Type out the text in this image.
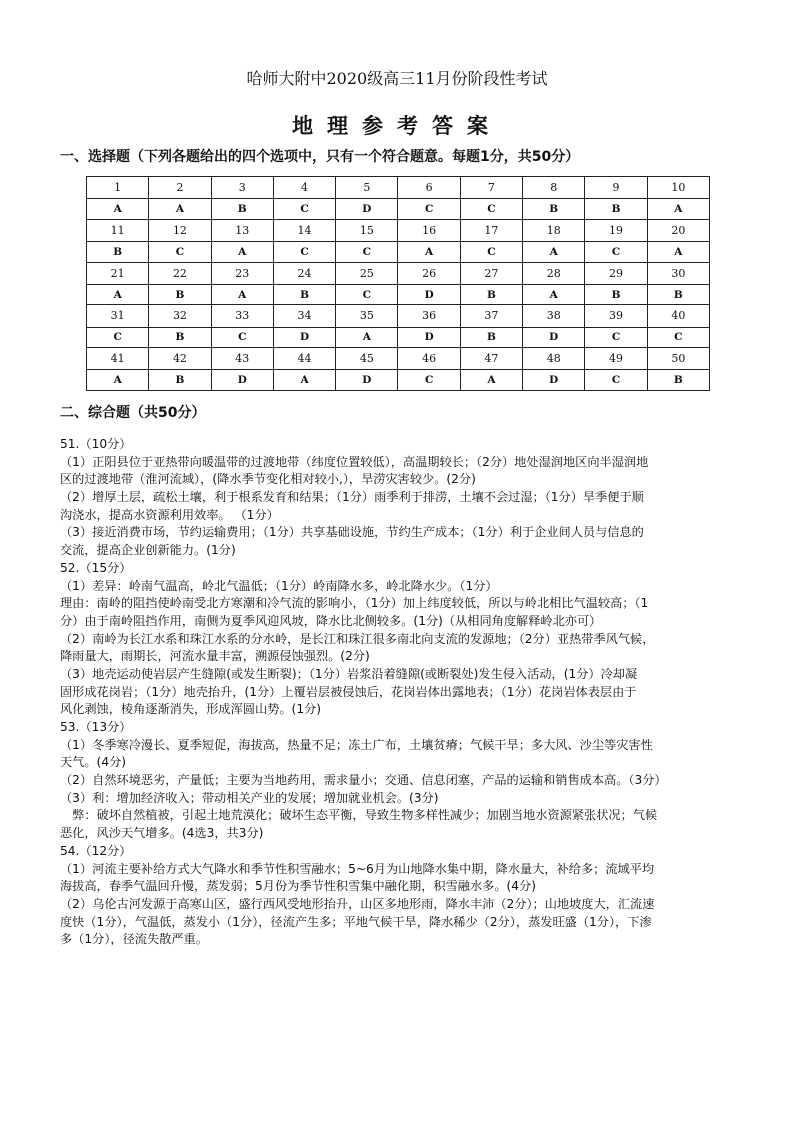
哈师大附中2020级高三11月份阶段性考试
地理参考答案
一、选择题（下列各题给出的四个选项中，只有一个符合题意。每题1分，共50分）
1	2	3	4	5	6	7	8	9	10
A	A	B	C	D	C	C	B	B	A
11	12	13	14	15	16	17	18	19	20
B	C	A	C	C	A	C	A	C	A
21	22	23	24	25	26	27	28	29	30
A	B	A	B	C	D	B	A	B	B
31	32	33	34	35	36	37	38	39	40
C	B	C	D	A	D	B	D	C	C
41	42	43	44	45	46	47	48	49	50
A	B	D	A	D	C	A	D	C	B
二、综合题（共50分）
51.（10分）
（1）正阳县位于亚热带向暖温带的过渡地带（纬度位置较低），高温期较长；（2分）地处湿润地区向半湿润地
区的过渡地带（淮河流域），(降水季节变化相对较小,），旱涝灾害较少。(2分)
（2）增厚土层，疏松土壤，利于根系发育和结果；（1分）雨季利于排涝，土壤不会过湿；（1分）旱季便于顺
沟浇水，提高水资源利用效率。 （1分）
（3）接近消费市场，节约运输费用；（1分）共享基础设施，节约生产成本；（1分）利于企业间人员与信息的
交流，提高企业创新能力。(1分)
52.（15分）
（1）差异：岭南气温高，岭北气温低；（1分）岭南降水多，岭北降水少。（1分）
理由：南岭的阻挡使岭南受北方寒潮和冷气流的影响小，（1分）加上纬度较低，所以与岭北相比气温较高；（1
分）由于南岭阻挡作用，南侧为夏季风迎风坡，降水比北侧较多。(1分)（从相同角度解释岭北亦可）
（2）南岭为长江水系和珠江水系的分水岭，是长江和珠江很多南北向支流的发源地；（2分）亚热带季风气候，
降雨量大，雨期长，河流水量丰富，溯源侵蚀强烈。(2分)
（3）地壳运动使岩层产生缝隙(或发生断裂)；（1分）岩浆沿着缝隙(或断裂处)发生侵入活动，(1分）冷却凝
固形成花岗岩；（1分）地壳抬升，(1分）上覆岩层被侵蚀后，花岗岩体出露地表；（1分）花岗岩体表层由于
风化剥蚀，棱角逐渐消失，形成浑圆山势。(1分)
53.（13分）
（1）冬季寒冷漫长、夏季短促，海拔高，热量不足；冻土广布，土壤贫瘠；气候干旱；多大风、沙尘等灾害性
天气。(4分)
（2）自然环境恶劣，产量低；主要为当地药用，需求量小；交通、信息闭塞，产品的运输和销售成本高。（3分）
（3）利：增加经济收入；带动相关产业的发展；增加就业机会。(3分)
　弊：破坏自然植被，引起土地荒漠化；破坏生态平衡，导致生物多样性减少；加剧当地水资源紧张状况；气候
恶化，风沙天气增多。(4选3，共3分)
54.（12分）
（1）河流主要补给方式大气降水和季节性积雪融水；5~6月为山地降水集中期，降水量大，补给多；流域平均
海拔高，春季气温回升慢，蒸发弱；5月份为季节性积雪集中融化期，积雪融水多。(4分)
（2）乌伦古河发源于高寒山区，盛行西风受地形抬升，山区多地形雨，降水丰沛（2分）；山地坡度大，汇流速
度快（1分），气温低，蒸发小（1分），径流产生多；平地气候干旱，降水稀少（2分），蒸发旺盛（1分），下渗
多（1分），径流失散严重。
